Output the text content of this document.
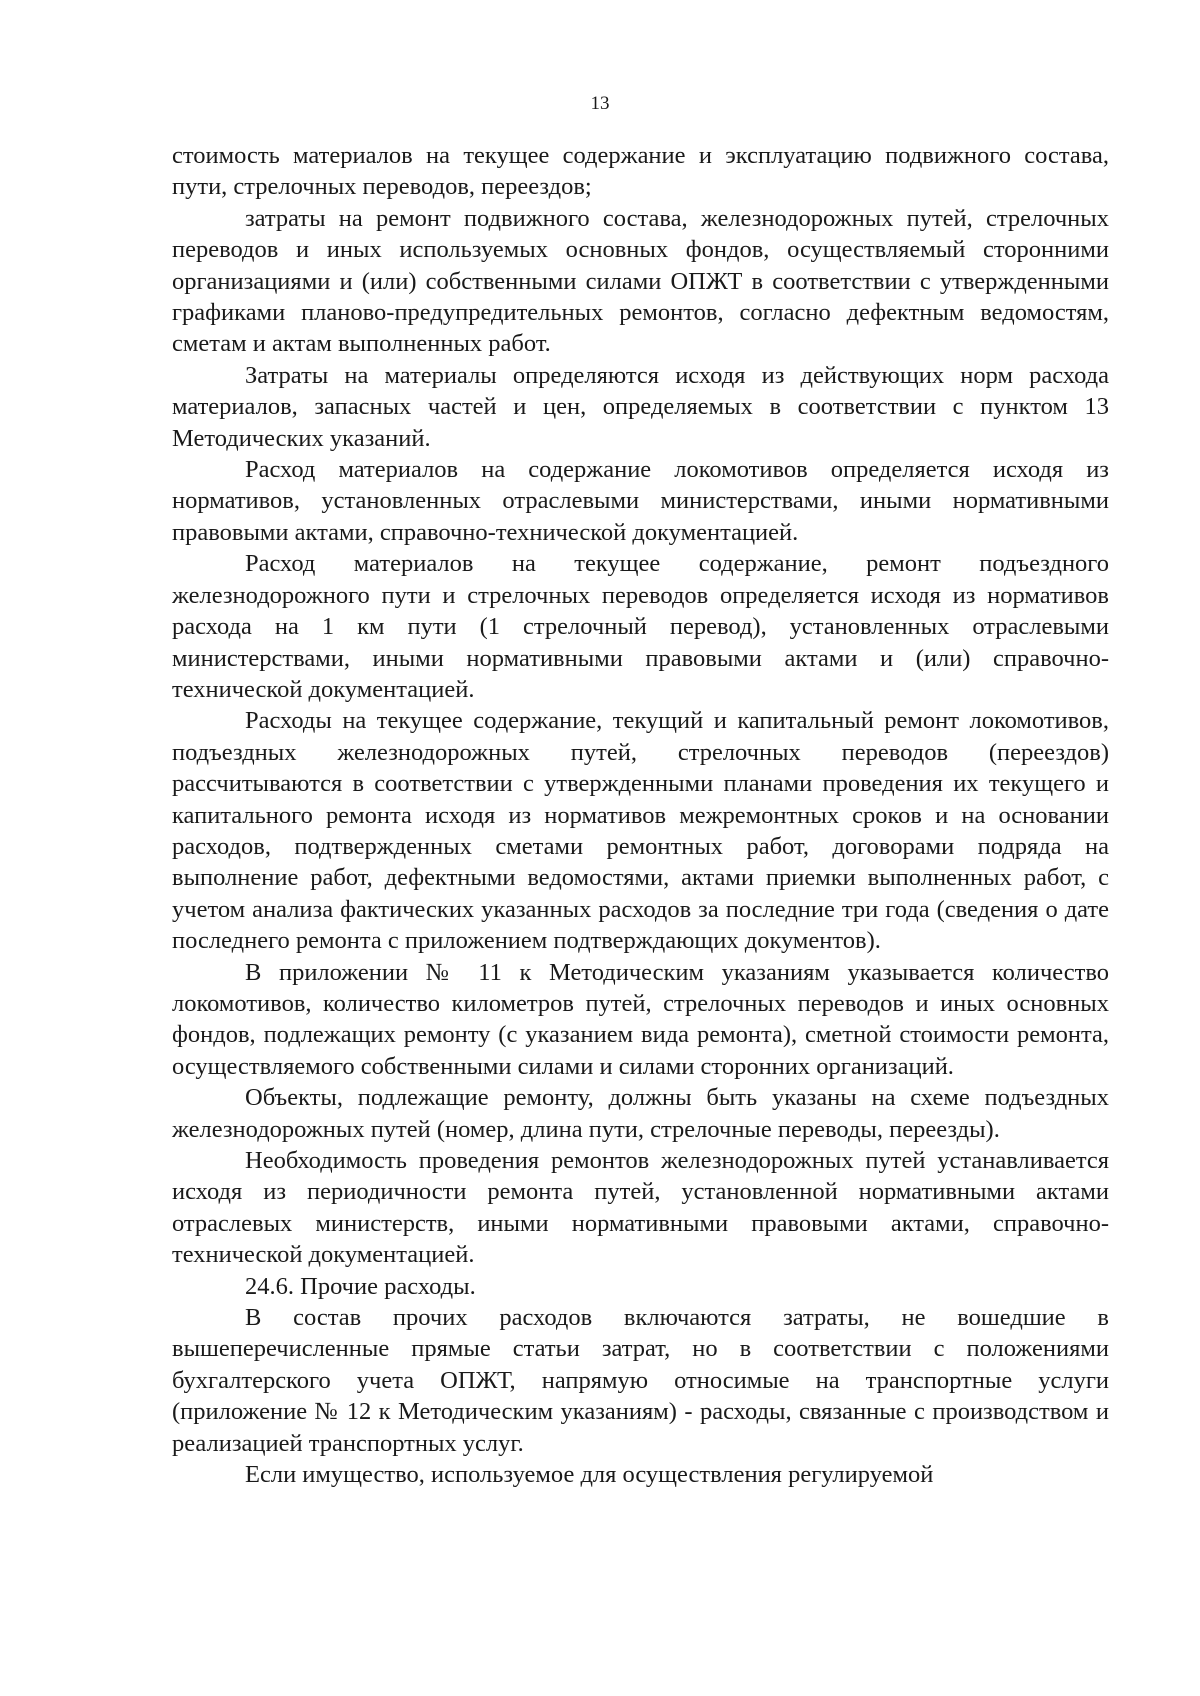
13

стоимость материалов на текущее содержание и эксплуатацию подвижного состава, пути, стрелочных переводов, переездов;

затраты на ремонт подвижного состава, железнодорожных путей, стрелочных переводов и иных используемых основных фондов, осуществляемый сторонними организациями и (или) собственными силами ОПЖТ в соответствии с утвержденными графиками планово-предупредительных ремонтов, согласно дефектным ведомостям, сметам и актам выполненных работ.

Затраты на материалы определяются исходя из действующих норм расхода материалов, запасных частей и цен, определяемых в соответствии с пунктом 13 Методических указаний.

Расход материалов на содержание локомотивов определяется исходя из нормативов, установленных отраслевыми министерствами, иными нормативными правовыми актами, справочно-технической документацией.

Расход материалов на текущее содержание, ремонт подъездного железнодорожного пути и стрелочных переводов определяется исходя из нормативов расхода на 1 км пути (1 стрелочный перевод), установленных отраслевыми министерствами, иными нормативными правовыми актами и (или) справочно-технической документацией.

Расходы на текущее содержание, текущий и капитальный ремонт локомотивов, подъездных железнодорожных путей, стрелочных переводов (переездов) рассчитываются в соответствии с утвержденными планами проведения их текущего и капитального ремонта исходя из нормативов межремонтных сроков и на основании расходов, подтвержденных сметами ремонтных работ, договорами подряда на выполнение работ, дефектными ведомостями, актами приемки выполненных работ, с учетом анализа фактических указанных расходов за последние три года (сведения о дате последнего ремонта с приложением подтверждающих документов).

В приложении № 11 к Методическим указаниям указывается количество локомотивов, количество километров путей, стрелочных переводов и иных основных фондов, подлежащих ремонту (с указанием вида ремонта), сметной стоимости ремонта, осуществляемого собственными силами и силами сторонних организаций.

Объекты, подлежащие ремонту, должны быть указаны на схеме подъездных железнодорожных путей (номер, длина пути, стрелочные переводы, переезды).

Необходимость проведения ремонтов железнодорожных путей устанавливается исходя из периодичности ремонта путей, установленной нормативными актами отраслевых министерств, иными нормативными правовыми актами, справочно-технической документацией.

24.6. Прочие расходы.

В состав прочих расходов включаются затраты, не вошедшие в вышеперечисленные прямые статьи затрат, но в соответствии с положениями бухгалтерского учета ОПЖТ, напрямую относимые на транспортные услуги (приложение № 12 к Методическим указаниям) - расходы, связанные с производством и реализацией транспортных услуг.

Если имущество, используемое для осуществления регулируемой
